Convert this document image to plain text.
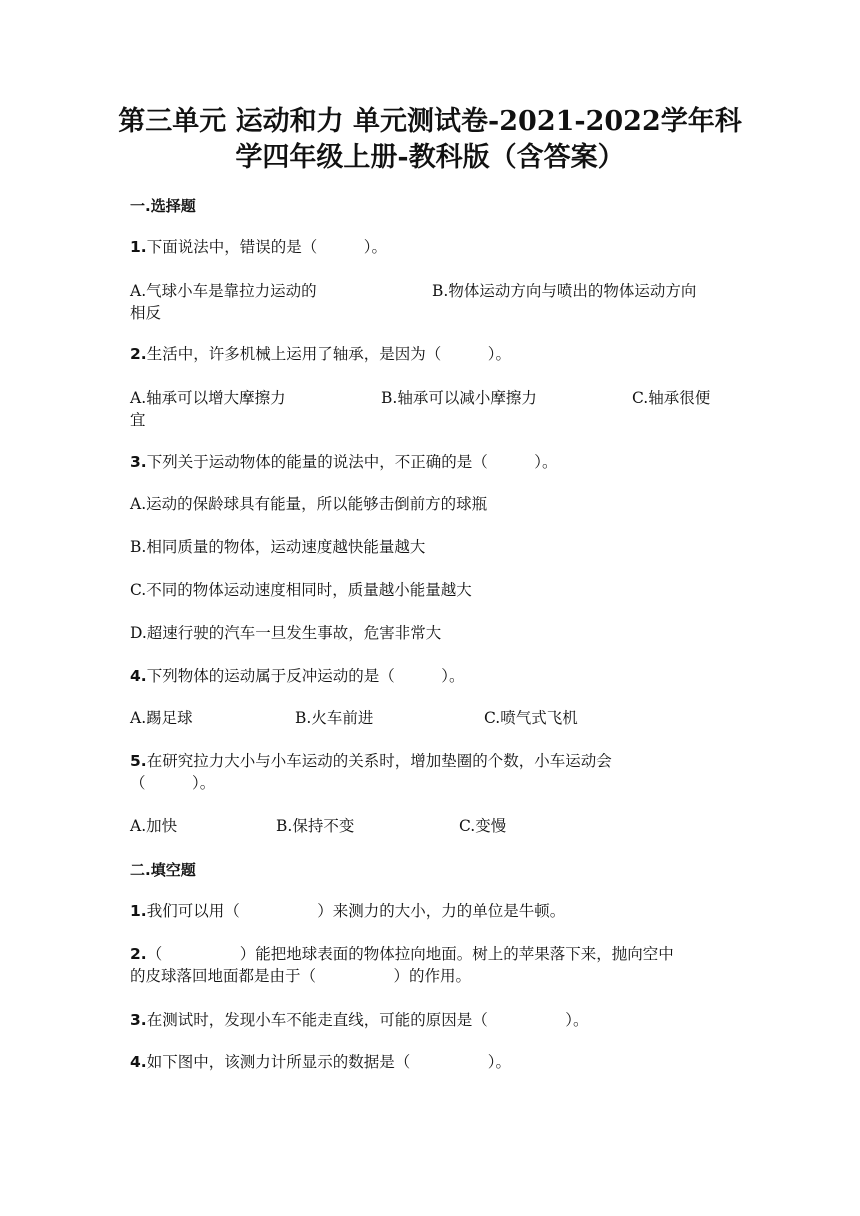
第三单元 运动和力 单元测试卷-2021-2022学年科
学四年级上册-教科版（含答案）
一.选择题
1.下面说法中，错误的是（　　　）。
A.气球小车是靠拉力运动的	B.物体运动方向与喷出的物体运动方向
相反
2.生活中，许多机械上运用了轴承，是因为（　　　）。
A.轴承可以增大摩擦力	B.轴承可以减小摩擦力	C.轴承很便
宜
3.下列关于运动物体的能量的说法中，不正确的是（　　　）。
A.运动的保龄球具有能量，所以能够击倒前方的球瓶
B.相同质量的物体，运动速度越快能量越大
C.不同的物体运动速度相同时，质量越小能量越大
D.超速行驶的汽车一旦发生事故，危害非常大
4.下列物体的运动属于反冲运动的是（　　　）。
A.踢足球	B.火车前进	C.喷气式飞机
5.在研究拉力大小与小车运动的关系时，增加垫圈的个数，小车运动会
（　　　）。
A.加快	B.保持不变	C.变慢
二.填空题
1.我们可以用（　　　　　）来测力的大小，力的单位是牛顿。
2.（　　　　　）能把地球表面的物体拉向地面。树上的苹果落下来，抛向空中
的皮球落回地面都是由于（　　　　　）的作用。
3.在测试时，发现小车不能走直线，可能的原因是（　　　　　）。
4.如下图中，该测力计所显示的数据是（　　　　　）。
